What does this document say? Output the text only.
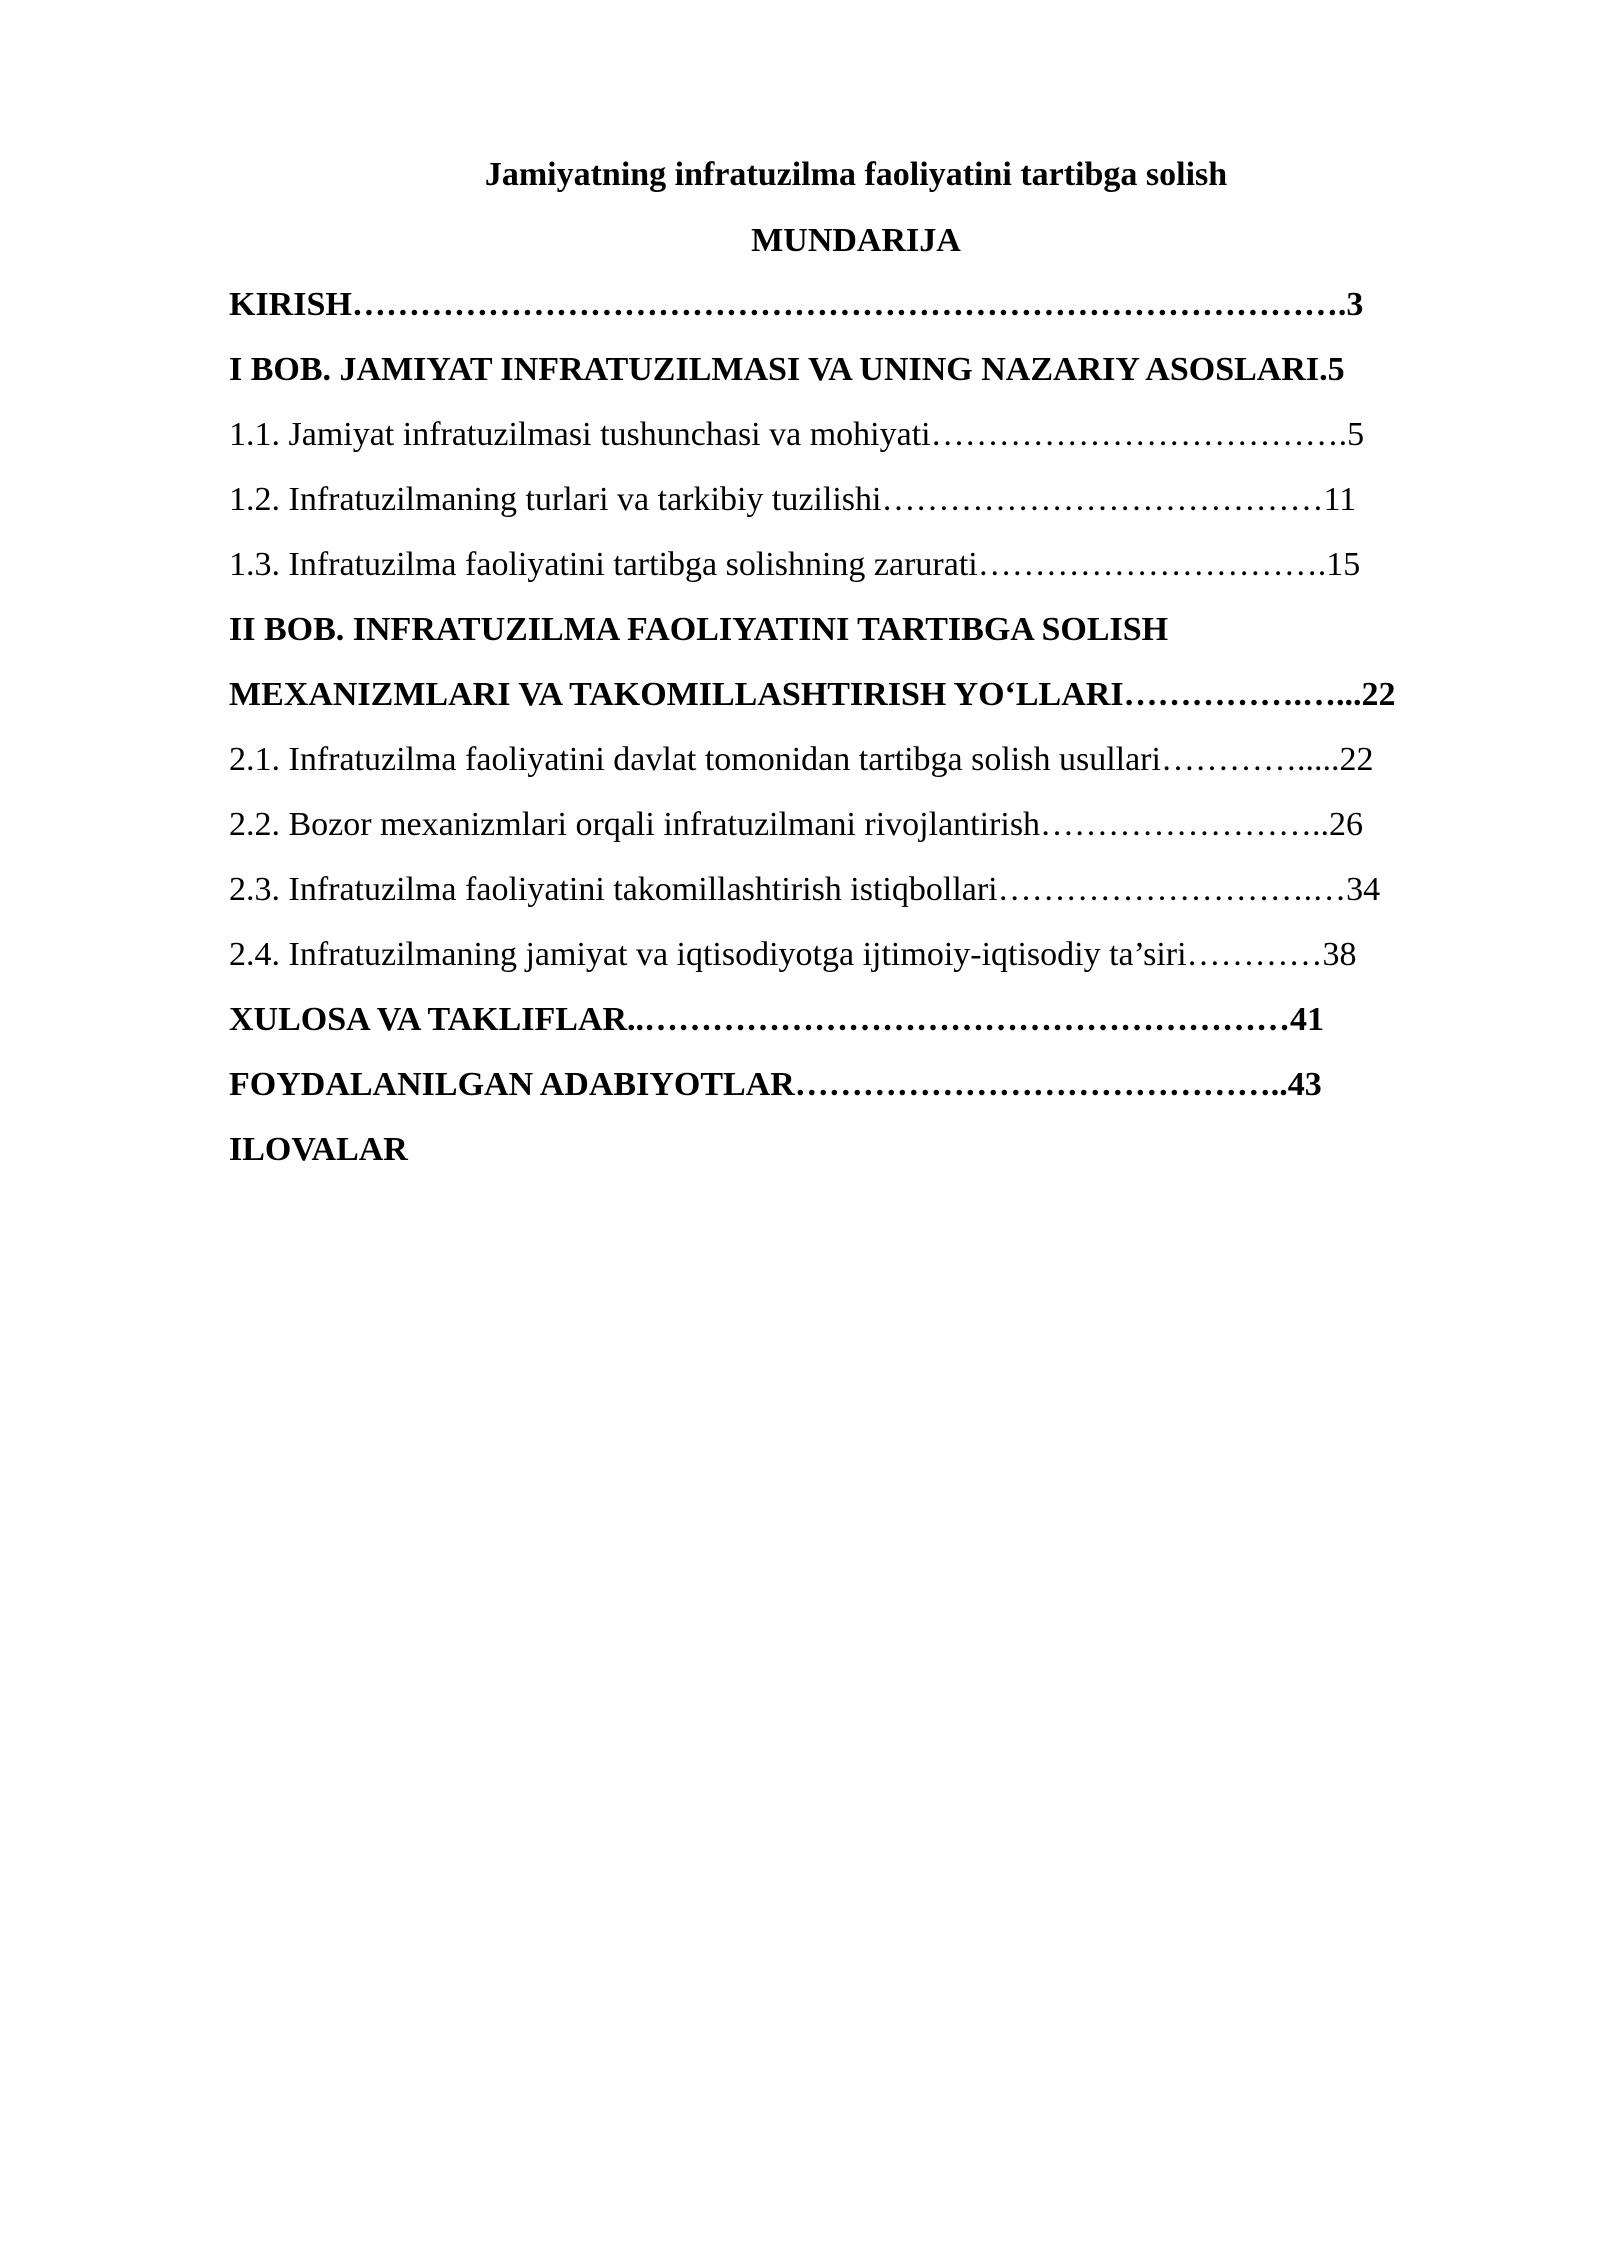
Jamiyatning infratuzilma faoliyatini tartibga solish
MUNDARIJA
KIRISH…………………………………………………………………………….3
I BOB. JAMIYAT INFRATUZILMASI VA UNING NAZARIY ASOSLARI.5
1.1. Jamiyat infratuzilmasi tushunchasi va mohiyati……………………………….5
1.2. Infratuzilmaning turlari va tarkibiy tuzilishi…………………………………11
1.3. Infratuzilma faoliyatini tartibga solishning zarurati………………………….15
II BOB. INFRATUZILMA FAOLIYATINI TARTIBGA SOLISH
MEXANIZMLARI VA TAKOMILLASHTIRISH YO‘LLARI…………….…...22
2.1. Infratuzilma faoliyatini davlat tomonidan tartibga solish usullari………….....22
2.2. Bozor mexanizmlari orqali infratuzilmani rivojlantirish……………………..26
2.3. Infratuzilma faoliyatini takomillashtirish istiqbollari……………………….…34
2.4. Infratuzilmaning jamiyat va iqtisodiyotga ijtimoiy-iqtisodiy ta’siri…………38
XULOSA VA TAKLIFLAR..…………………………………………………41
FOYDALANILGAN ADABIYOTLAR……………………………………..43
ILOVALAR
